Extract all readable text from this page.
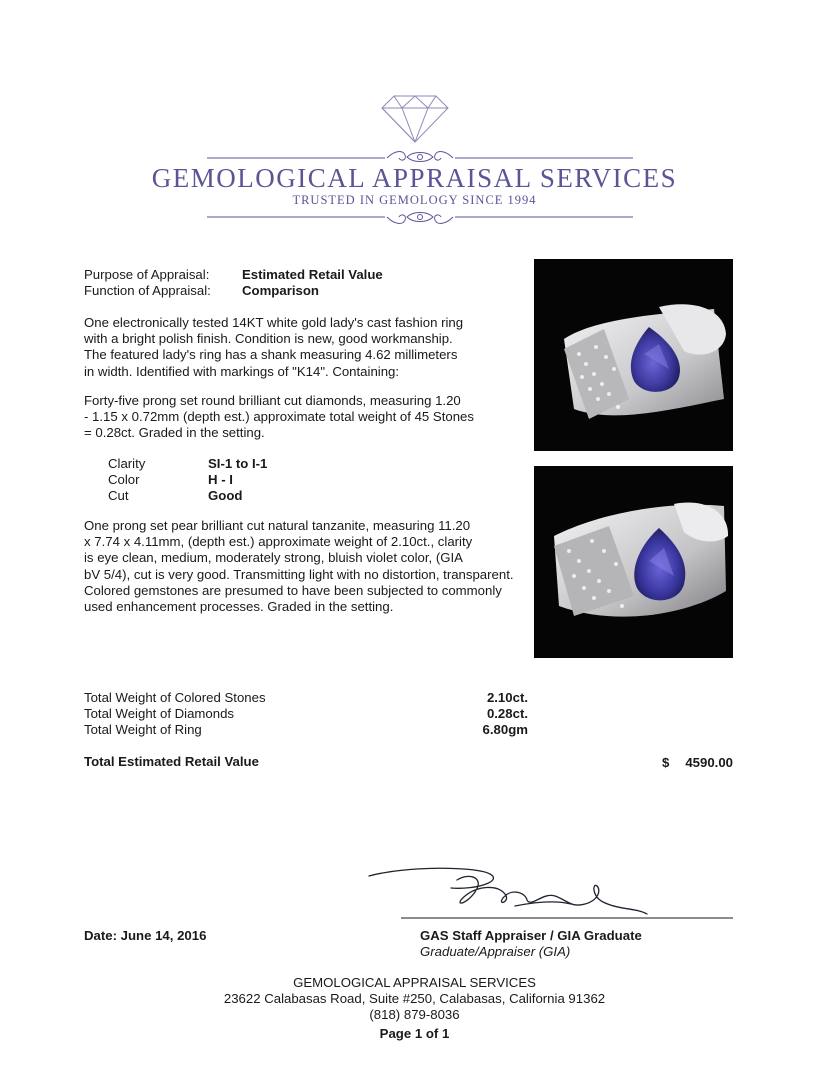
GEMOLOGICAL APPRAISAL SERVICES
TRUSTED IN GEMOLOGY SINCE 1994
Purpose of Appraisal: Estimated Retail Value
Function of Appraisal: Comparison
One electronically tested 14KT white gold lady's cast fashion ring
with a bright polish finish. Condition is new, good workmanship.
The featured lady's ring has a shank measuring 4.62 millimeters
in width. Identified with markings of "K14". Containing:
Forty-five prong set round brilliant cut diamonds, measuring 1.20
- 1.15 x 0.72mm (depth est.) approximate total weight of 45 Stones
= 0.28ct. Graded in the setting.
Clarity	SI-1 to I-1
Color	H - I
Cut	Good
One prong set pear brilliant cut natural tanzanite, measuring 11.20
x 7.74 x 4.11mm, (depth est.) approximate weight of 2.10ct., clarity
is eye clean, medium, moderately strong, bluish violet color, (GIA
bV 5/4), cut is very good. Transmitting light with no distortion, transparent.
Colored gemstones are presumed to have been subjected to commonly
used enhancement processes. Graded in the setting.
Total Weight of Colored Stones	2.10ct.
Total Weight of Diamonds	0.28ct.
Total Weight of Ring	6.80gm
Total Estimated Retail Value	$	4590.00
Date: June 14, 2016	GAS Staff Appraiser / GIA Graduate
Graduate/Appraiser (GIA)
GEMOLOGICAL APPRAISAL SERVICES
23622 Calabasas Road, Suite #250, Calabasas, California 91362
(818) 879-8036
Page 1 of 1
